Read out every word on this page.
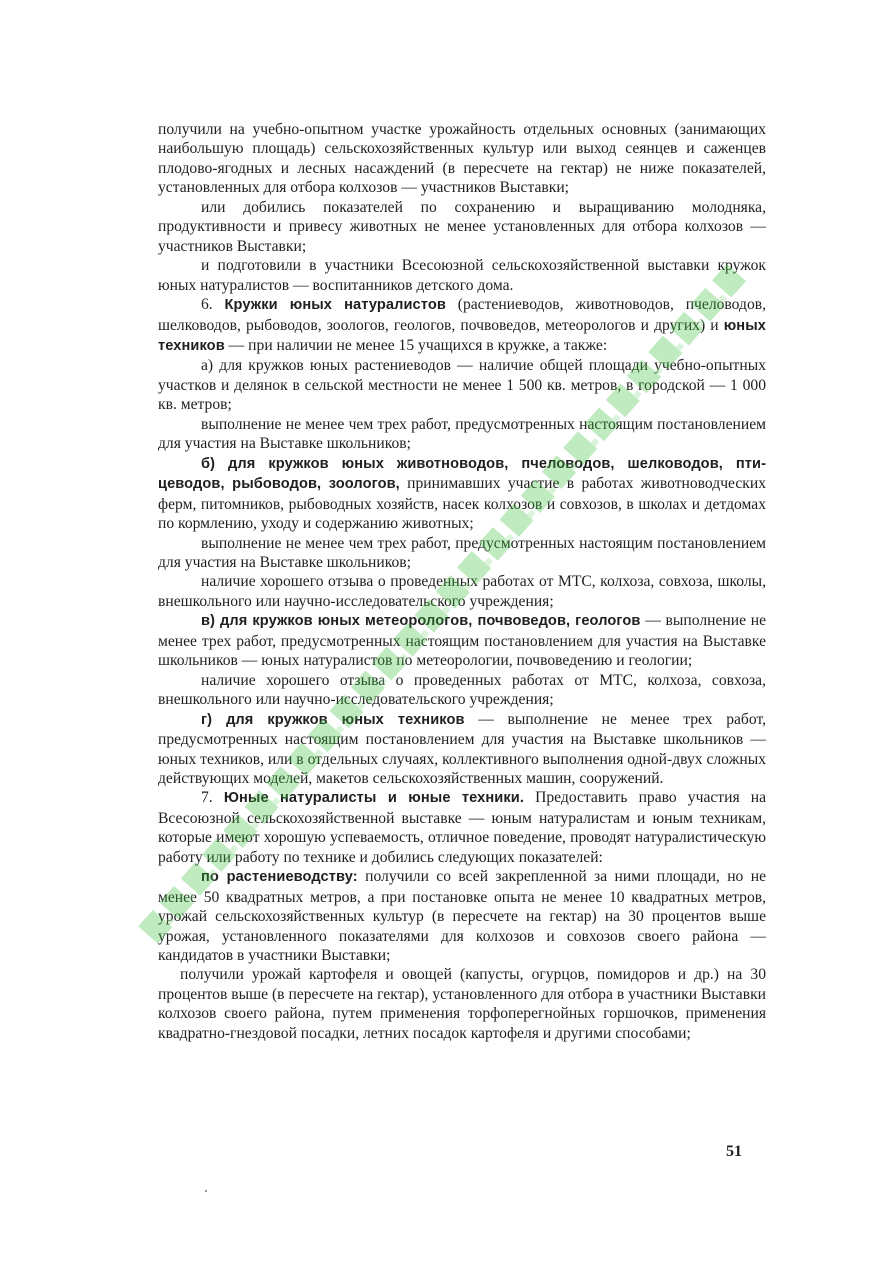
получили на учебно-опытном участке урожайность отдельных основных (занимающих наибольшую площадь) сельскохозяйственных культур или выход сеянцев и саженцев плодово-ягодных и лесных насаждений (в пересчете на гектар) не ниже показателей, установленных для отбора колхозов — участников Выставки;

или добились показателей по сохранению и выращиванию молодняка, продуктивности и привесу животных не менее установленных для отбора колхозов — участников Выставки;

и подготовили в участники Всесоюзной сельскохозяйственной выставки кружок юных натуралистов — воспитанников детского дома.

6. Кружки юных натуралистов (растениеводов, животноводов, пчеловодов, шелководов, рыбоводов, зоологов, геологов, почвоведов, метеорологов и других) и юных техников — при наличии не менее 15 учащихся в кружке, а также:

а) для кружков юных растениеводов — наличие общей площади учебно-опытных участков и делянок в сельской местности не менее 1 500 кв. метров, в городской — 1 000 кв. метров;

выполнение не менее чем трех работ, предусмотренных настоящим постановлением для участия на Выставке школьников;

б) для кружков юных животноводов, пчеловодов, шелководов, птицеводов, рыбоводов, зоологов, принимавших участие в работах животноводческих ферм, питомников, рыбоводных хозяйств, насек колхозов и совхозов, в школах и детдомах по кормлению, уходу и содержанию животных;

выполнение не менее чем трех работ, предусмотренных настоящим постановлением для участия на Выставке школьников;

наличие хорошего отзыва о проведенных работах от МТС, колхоза, совхоза, школы, внешкольного или научно-исследовательского учреждения;

в) для кружков юных метеорологов, почвоведов, геологов — выполнение не менее трех работ, предусмотренных настоящим постановлением для участия на Выставке школьников — юных натуралистов по метеорологии, почвоведению и геологии;

наличие хорошего отзыва о проведенных работах от МТС, колхоза, совхоза, внешкольного или научно-исследовательского учреждения;

г) для кружков юных техников — выполнение не менее трех работ, предусмотренных настоящим постановлением для участия на Выставке школьников — юных техников, или в отдельных случаях, коллективного выполнения одной-двух сложных действующих моделей, макетов сельскохозяйственных машин, сооружений.

7. Юные натуралисты и юные техники. Предоставить право участия на Всесоюзной сельскохозяйственной выставке — юным натуралистам и юным техникам, которые имеют хорошую успеваемость, отличное поведение, проводят натуралистическую работу или работу по технике и добились следующих показателей:

по растениеводству: получили со всей закрепленной за ними площади, но не менее 50 квадратных метров, а при постановке опыта не менее 10 квадратных метров, урожай сельскохозяйственных культур (в пересчете на гектар) на 30 процентов выше урожая, установленного показателями для колхозов и совхозов своего района — кандидатов в участники Выставки;

получили урожай картофеля и овощей (капусты, огурцов, помидоров и др.) на 30 процентов выше (в пересчете на гектар), установленного для отбора в участники Выставки колхозов своего района, путем применения торфоперегнойных горшочков, применения квадратно-гнездовой посадки, летних посадок картофеля и другими способами;

51
